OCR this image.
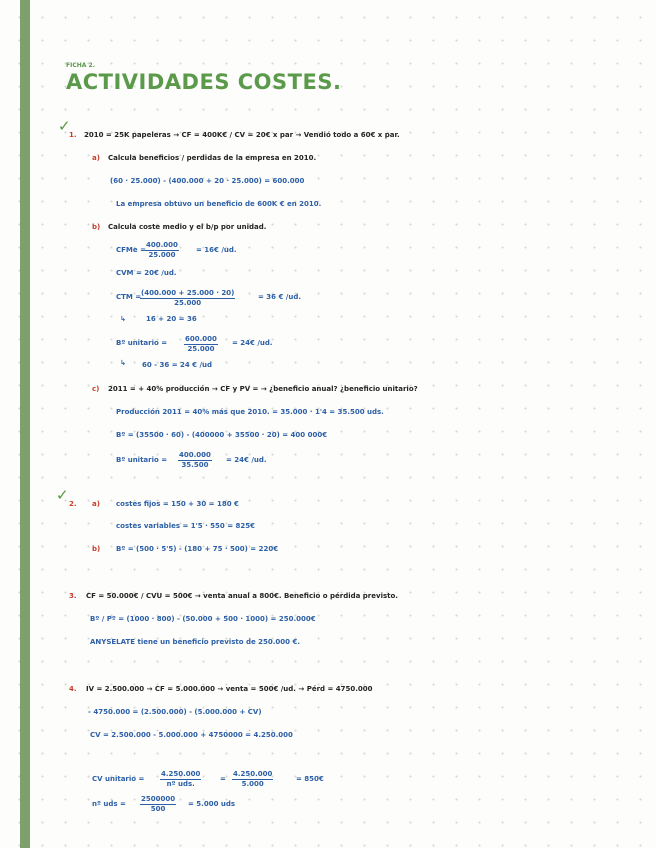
FICHA 2.
ACTIVIDADES COSTES.
✓
1. 2010 = 25K papeleras → CF = 400K€ / CV = 20€ x par → Vendió todo a 60€ x par.
a) Calcula beneficios / perdidas de la empresa en 2010.
(60 · 25.000) - (400.000 + 20 · 25.000) = 600.000
La empresa obtuvo un beneficio de 600K € en 2010.
b) Calcula coste medio y el b/p por unidad.
CFMe = $\frac{400.000}{25.000}$ = 16€ /ud.
CVM = 20€ /ud.
CTM =
$\frac{(400.000 + 25.000 \cdot 20)}{25.000}$	= 36 € /ud.
↳	16 + 20 = 36
Bº unitario = $\frac{600.000}{25.000}$ = 24€ /ud.
↳ 60 - 36 = 24 € /ud
c) 2011 = + 40% producción → CF y PV = → ¿beneficio anual? ¿beneficio unitario?
Producción 2011 = 40% más que 2010. = 35.000 · 1'4 = 35.500 uds.
Bº = (35500 · 60) - (400000 + 35500 · 20) = 400 000€
Bº unitario = $\frac{400.000}{35.500}$ = 24€ /ud.
✓ 2. a) costes fijos = 150 + 30 = 180 €
costes variables = 1'5 · 550 = 825€
b) Bº = (500 · 5'5) - (180 + 75 · 500) = 220€
3. CF = 50.000€ / CVU = 500€ → venta anual a 800€. Beneficio o pérdida previsto.
Bº / Pº = (1000 · 800) - (50.000 + 500 · 1000) = 250.000€
ANYSELATE tiene un beneficio previsto de 250.000 €.
4. IV = 2.500.000 → CF = 5.000.000 → venta = 500€ /ud. → Pérd = 4750.000
- 4750.000 = (2.500.000) - (5.000.000 + CV)
CV = 2.500.000 - 5.000.000 + 4750000 = 4.250.000
CV unitario =
4.250.000
nº uds.
= $\frac{4.250.000}{5.000}$	= 850€
nº uds = $\frac{2500000}{500} = 5.000$ uds
